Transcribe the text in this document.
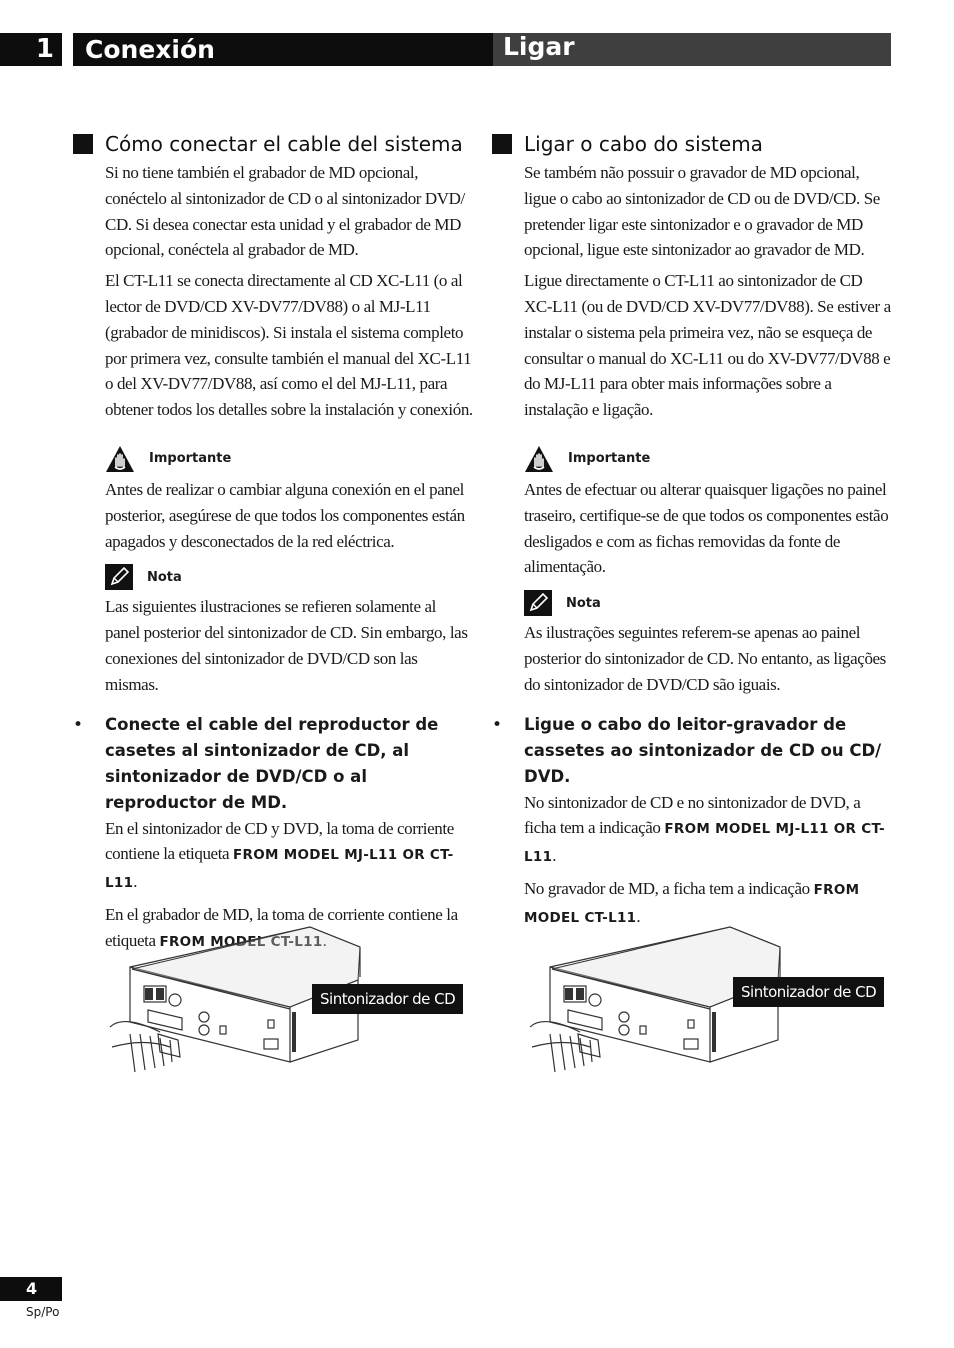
1	Conexión	Ligar
Cómo conectar el cable del sistema

Si no tiene también el grabador de MD opcional, conéctelo al sintonizador de CD o al sintonizador DVD/ CD. Si desea conectar esta unidad y el grabador de MD opcional, conéctela al grabador de MD.

El CT-L11 se conecta directamente al CD XC-L11 (o al lector de DVD/CD XV-DV77/DV88) o al MJ-L11 (grabador de minidiscos). Si instala el sistema completo por primera vez, consulte también el manual del XC-L11 o del XV-DV77/DV88, así como el del MJ-L11, para obtener todos los detalles sobre la instalación y conexión.

Importante

Antes de realizar o cambiar alguna conexión en el panel posterior, asegúrese de que todos los componentes están apagados y desconectados de la red eléctrica.

Nota

Las siguientes ilustraciones se refieren solamente al panel posterior del sintonizador de CD. Sin embargo, las conexiones del sintonizador de DVD/CD son las mismas.

• Conecte el cable del reproductor de casetes al sintonizador de CD, al sintonizador de DVD/CD o al reproductor de MD.

En el sintonizador de CD y DVD, la toma de corriente contiene la etiqueta FROM MODEL MJ-L11 OR CT-L11.

En el grabador de MD, la toma de corriente contiene la etiqueta FROM MODEL CT-L11.

Ligar o cabo do sistema

Se também não possuir o gravador de MD opcional, ligue o cabo ao sintonizador de CD ou de DVD/CD. Se pretender ligar este sintonizador e o gravador de MD opcional, ligue este sintonizador ao gravador de MD.

Ligue directamente o CT-L11 ao sintonizador de CD XC-L11 (ou de DVD/CD XV-DV77/DV88). Se estiver a instalar o sistema pela primeira vez, não se esqueça de consultar o manual do XC-L11 ou do XV-DV77/DV88 e do MJ-L11 para obter mais informações sobre a instalação e ligação.

Importante

Antes de efectuar ou alterar quaisquer ligações no painel traseiro, certifique-se de que todos os componentes estão desligados e com as fichas removidas da fonte de alimentação.

Nota

As ilustrações seguintes referem-se apenas ao painel posterior do sintonizador de CD. No entanto, as ligações do sintonizador de DVD/CD são iguais.

• Ligue o cabo do leitor-gravador de cassetes ao sintonizador de CD ou CD/ DVD.

No sintonizador de CD e no sintonizador de DVD, a ficha tem a indicação FROM MODEL MJ-L11 OR CT-L11.

No gravador de MD, a ficha tem a indicação FROM MODEL CT-L11.

Sintonizador de CD	Sintonizador de CD
4
Sp/Po
